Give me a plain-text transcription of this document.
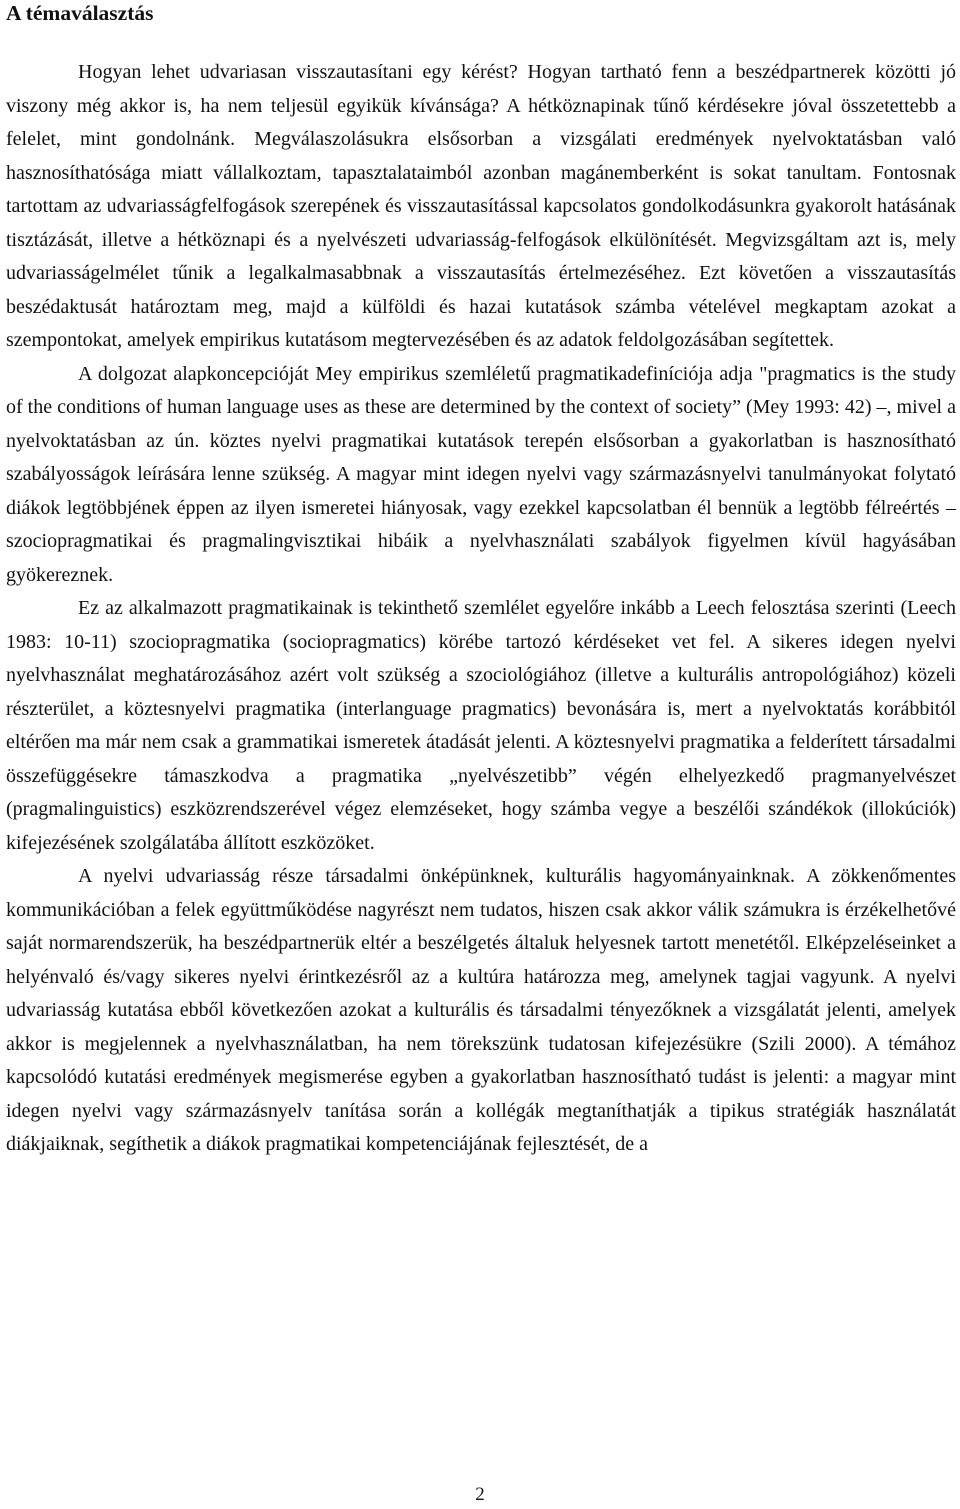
A témaválasztás

Hogyan lehet udvariasan visszautasítani egy kérést? Hogyan tartható fenn a beszédpartnerek közötti jó viszony még akkor is, ha nem teljesül egyikük kívánsága? A hétköznapinak tűnő kérdésekre jóval összetettebb a felelet, mint gondolnánk. Megválaszolásukra elsősorban a vizsgálati eredmények nyelvoktatásban való hasznosíthatósága miatt vállalkoztam, tapasztalataimból azonban magánemberként is sokat tanultam. Fontosnak tartottam az udvariasságfelfogások szerepének és visszautasítással kapcsolatos gondolkodásunkra gyakorolt hatásának tisztázását, illetve a hétköznapi és a nyelvészeti udvariasság-felfogások elkülönítését. Megvizsgáltam azt is, mely udvariasságelmélet tűnik a legalkalmasabbnak a visszautasítás értelmezéséhez. Ezt követően a visszautasítás beszédaktusát határoztam meg, majd a külföldi és hazai kutatások számba vételével megkaptam azokat a szempontokat, amelyek empirikus kutatásom megtervezésében és az adatok feldolgozásában segítettek.

A dolgozat alapkoncepcióját Mey empirikus szemléletű pragmatikadefiníciója adja "pragmatics is the study of the conditions of human language uses as these are determined by the context of society” (Mey 1993: 42) ‒, mivel a nyelvoktatásban az ún. köztes nyelvi pragmatikai kutatások terepén elsősorban a gyakorlatban is hasznosítható szabályosságok leírására lenne szükség. A magyar mint idegen nyelvi vagy származásnyelvi tanulmányokat folytató diákok legtöbbjének éppen az ilyen ismeretei hiányosak, vagy ezekkel kapcsolatban él bennük a legtöbb félreértés – szociopragmatikai és pragmalingvisztikai hibáik a nyelvhasználati szabályok figyelmen kívül hagyásában gyökereznek.

Ez az alkalmazott pragmatikainak is tekinthető szemlélet egyelőre inkább a Leech felosztása szerinti (Leech 1983: 10-11) szociopragmatika (sociopragmatics) körébe tartozó kérdéseket vet fel. A sikeres idegen nyelvi nyelvhasználat meghatározásához azért volt szükség a szociológiához (illetve a kulturális antropológiához) közeli részterület, a köztesnyelvi pragmatika (interlanguage pragmatics) bevonására is, mert a nyelvoktatás korábbitól eltérően ma már nem csak a grammatikai ismeretek átadását jelenti. A köztesnyelvi pragmatika a felderített társadalmi összefüggésekre támaszkodva a pragmatika „nyelvészetibb” végén elhelyezkedő pragmanyelvészet (pragmalinguistics) eszközrendszerével végez elemzéseket, hogy számba vegye a beszélői szándékok (illokúciók) kifejezésének szolgálatába állított eszközöket.

A nyelvi udvariasság része társadalmi önképünknek, kulturális hagyományainknak. A zökkenőmentes kommunikációban a felek együttműködése nagyrészt nem tudatos, hiszen csak akkor válik számukra is érzékelhetővé saját normarendszerük, ha beszédpartnerük eltér a beszélgetés általuk helyesnek tartott menetétől. Elképzeléseinket a helyénvaló és/vagy sikeres nyelvi érintkezésről az a kultúra határozza meg, amelynek tagjai vagyunk. A nyelvi udvariasság kutatása ebből következően azokat a kulturális és társadalmi tényezőknek a vizsgálatát jelenti, amelyek akkor is megjelennek a nyelvhasználatban, ha nem törekszünk tudatosan kifejezésükre (Szili 2000). A témához kapcsolódó kutatási eredmények megismerése egyben a gyakorlatban hasznosítható tudást is jelenti: a magyar mint idegen nyelvi vagy származásnyelv tanítása során a kollégák megtaníthatják a tipikus stratégiák használatát diákjaiknak, segíthetik a diákok pragmatikai kompetenciájának fejlesztését, de a

2
